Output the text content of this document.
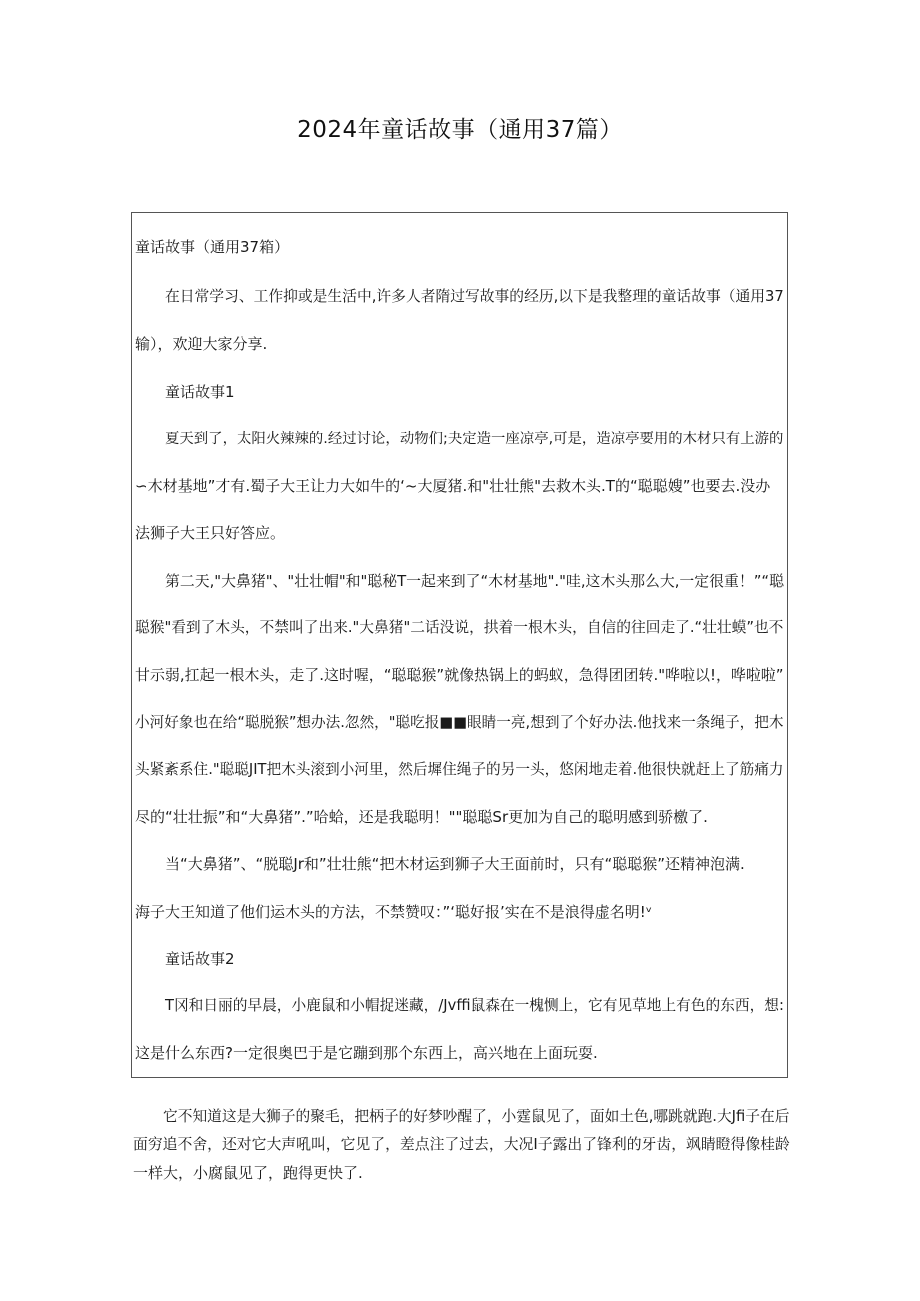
2024年童话故事（通用37篇）
童话故事（通用37箱）
在日常学习、工作抑或是生活中,许多人者隋过写故事的经历,以下是我整理的童话故事（通用37
输），欢迎大家分享.
童话故事1
夏天到了，太阳火辣辣的.经过讨论，动物们;夬定造一座凉亭,可是，造凉亭要用的木材只有上游的
∽木材基地”才有.蜀子大王让力大如牛的‘~大厦猪.和"壮壮熊"去救木头.T的“聪聪嫂”也要去.没办
法狮子大王只好答应。
第二天,"大鼻猪"、"壮壮帽"和"聪秘T一起来到了“木材基地"."哇,这木头那么大,一定很重！”“聪
聪猴"看到了木头，不禁叫了出来."大鼻猪"二话没说，拱着一根木头，自信的往回走了.“壮壮蟆”也不
甘示弱,扛起一根木头，走了.这时喔，“聪聪猴”就像热锅上的蚂蚁，急得团团转."哗啦以!，哗啦啦”
小河好象也在给“聪脱猴”想办法.忽然，"聪吃报■■眼睛一亮,想到了个好办法.他找来一条绳子，把木
头紧紊系住."聪聪JIT把木头滚到小河里，然后墀住绳子的另一头，悠闲地走着.他很快就赶上了筋痛力
尽的“壮壮振”和“大鼻猪”.”哈蛤，还是我聪明！""聪聪Sr更加为自己的聪明感到骄檄了.
当“大鼻猪”、“脱聪Jr和”壮壮熊“把木材运到狮子大王面前时，只有“聪聪猴”还精神泡满.
海子大王知道了他们运木头的方法，不禁赞叹：”‘聪好报’实在不是浪得虚名明!ᵛ
童话故事2
T冈和日丽的早晨，小鹿鼠和小帽捉迷藏，/Jvffi鼠森在一槐恻上，它有见草地上有色的东西，想:
这是什么东西?一定很奥巴于是它蹦到那个东西上，高兴地在上面玩耍.
它不知道这是大狮子的聚毛，把柄子的好梦吵醒了，小霆鼠见了，面如土色,哪跳就跑.大Jfi子在后
面穷追不舍，还对它大声吼叫，它见了，差点注了过去，大况I子露出了锋利的牙齿，飒睛瞪得像桂龄
一样大，小腐鼠见了，跑得更快了.
